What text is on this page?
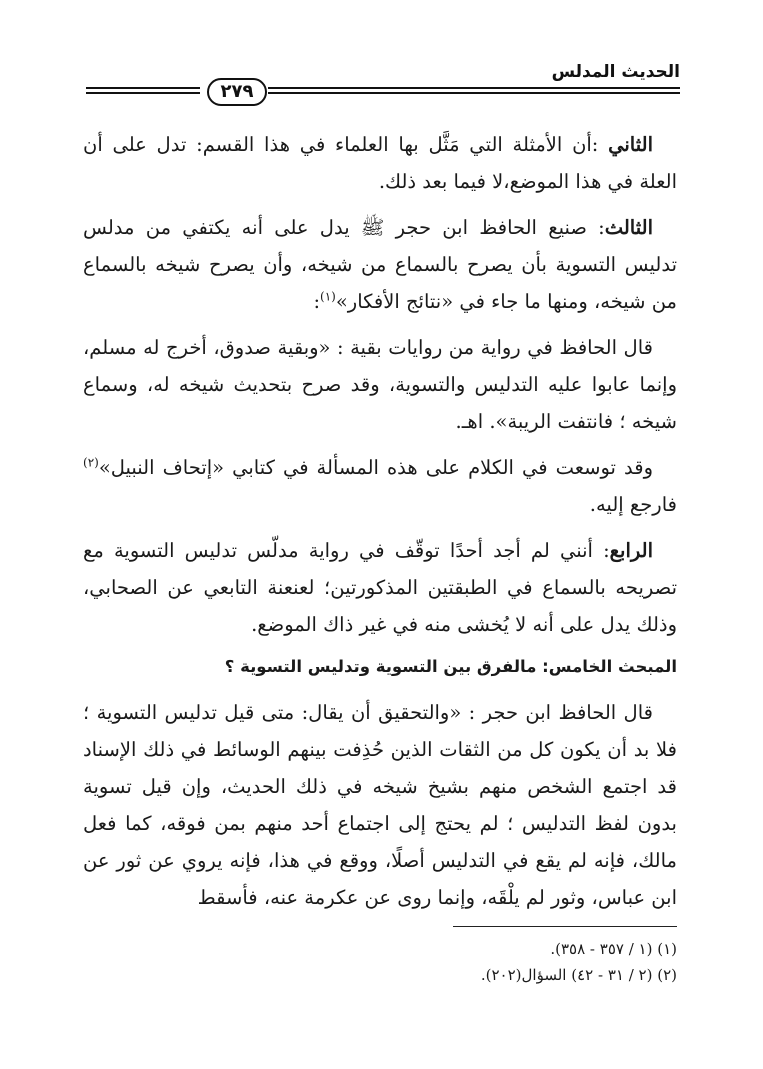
الحديث المدلس
٢٧٩

الثاني :أن الأمثلة التي مَثَّل بها العلماء في هذا القسم: تدل على أن العلة في هذا الموضع،لا فيما بعد ذلك.

الثالث: صنيع الحافظ ابن حجر ﷺ يدل على أنه يكتفي من مدلس تدليس التسوية بأن يصرح بالسماع من شيخه، وأن يصرح شيخه بالسماع من شيخه، ومنها ما جاء في «نتائج الأفكار»$^{(١)}$:

قال الحافظ في رواية من روايات بقية : «وبقية صدوق، أخرج له مسلم، وإنما عابوا عليه التدليس والتسوية، وقد صرح بتحديث شيخه له، وسماع شيخه ؛ فانتفت الريبة». اهـ.

وقد توسعت في الكلام على هذه المسألة في كتابي «إتحاف النبيل»$^{(٢)}$ فارجع إليه.

الرابع: أنني لم أجد أحدًا توقّف في رواية مدلّس تدليس التسوية مع تصريحه بالسماع في الطبقتين المذكورتين؛ لعنعنة التابعي عن الصحابي، وذلك يدل على أنه لا يُخشى منه في غير ذاك الموضع.

المبحث الخامس: مالفرق بين التسوية وتدليس التسوية ؟

قال الحافظ ابن حجر : «والتحقيق أن يقال: متى قيل تدليس التسوية ؛ فلا بد أن يكون كل من الثقات الذين حُذِفت بينهم الوسائط في ذلك الإسناد قد اجتمع الشخص منهم بشيخ شيخه في ذلك الحديث، وإن قيل تسوية بدون لفظ التدليس ؛ لم يحتج إلى اجتماع أحد منهم بمن فوقه، كما فعل مالك، فإنه لم يقع في التدليس أصلًا، ووقع في هذا، فإنه يروي عن ثور عن ابن عباس، وثور لم يلْقَه، وإنما روى عن عكرمة عنه، فأسقط

(١) (١ / ٣٥٧ - ٣٥٨).

(٢) (٢ / ٣١ - ٤٢) السؤال(٢٠٢).
